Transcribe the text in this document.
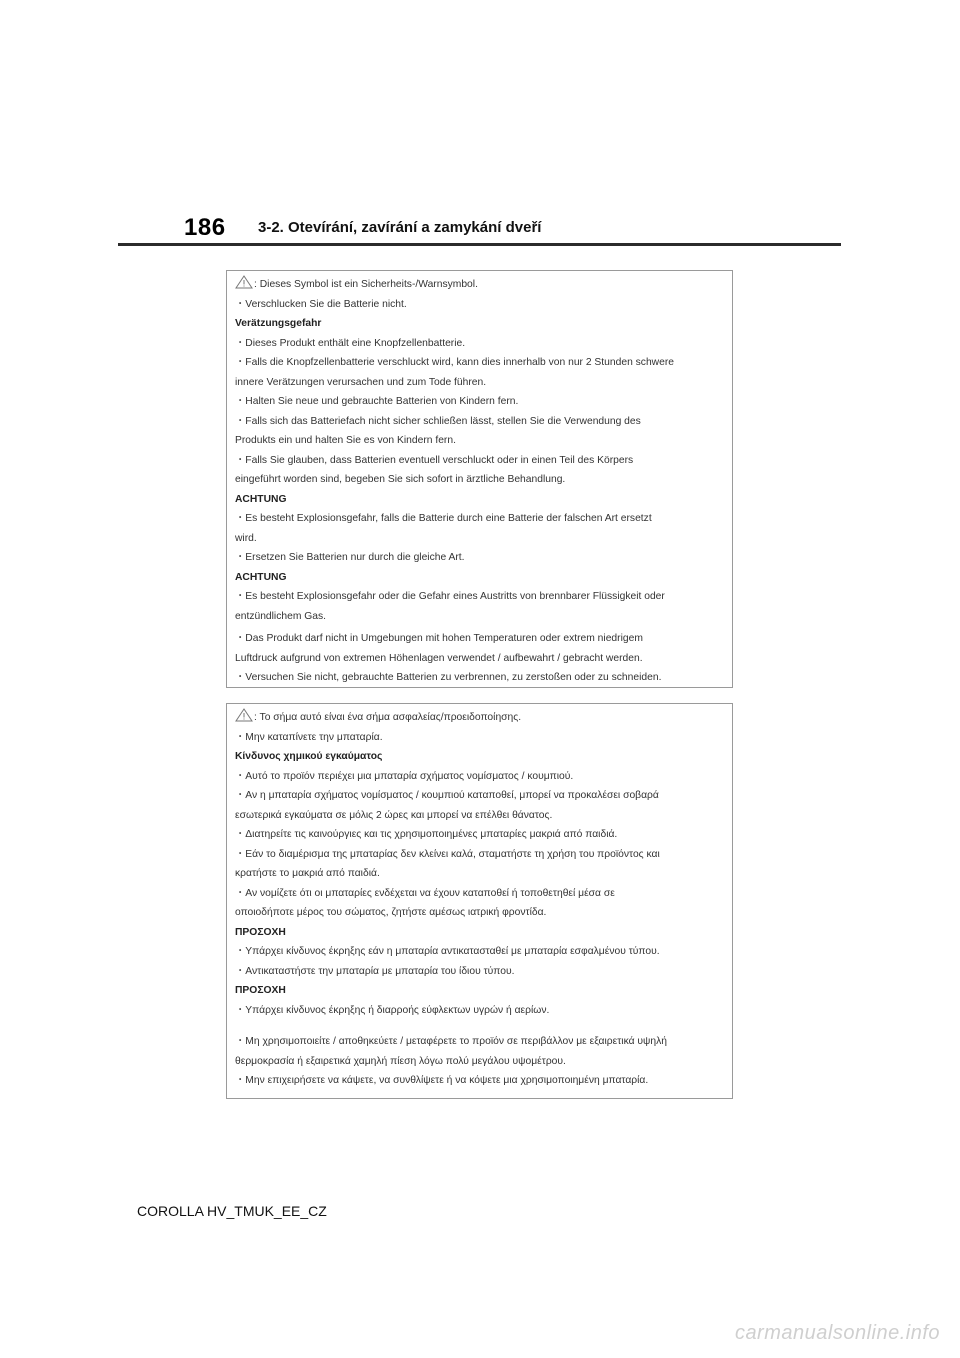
186 3-2. Otevírání, zavírání a zamykání dveří
: Dieses Symbol ist ein Sicherheits-/Warnsymbol.
・Verschlucken Sie die Batterie nicht.
Verätzungsgefahr
・Dieses Produkt enthält eine Knopfzellenbatterie.
・Falls die Knopfzellenbatterie verschluckt wird, kann dies innerhalb von nur 2 Stunden schwere
innere Verätzungen verursachen und zum Tode führen.
・Halten Sie neue und gebrauchte Batterien von Kindern fern.
・Falls sich das Batteriefach nicht sicher schließen lässt, stellen Sie die Verwendung des
Produkts ein und halten Sie es von Kindern fern.
・Falls Sie glauben, dass Batterien eventuell verschluckt oder in einen Teil des Körpers
eingeführt worden sind, begeben Sie sich sofort in ärztliche Behandlung.
ACHTUNG
・Es besteht Explosionsgefahr, falls die Batterie durch eine Batterie der falschen Art ersetzt
wird.
・Ersetzen Sie Batterien nur durch die gleiche Art.
ACHTUNG
・Es besteht Explosionsgefahr oder die Gefahr eines Austritts von brennbarer Flüssigkeit oder
entzündlichem Gas.
・Das Produkt darf nicht in Umgebungen mit hohen Temperaturen oder extrem niedrigem
Luftdruck aufgrund von extremen Höhenlagen verwendet / aufbewahrt / gebracht werden.
・Versuchen Sie nicht, gebrauchte Batterien zu verbrennen, zu zerstoßen oder zu schneiden.
: Το σήμα αυτό είναι ένα σήμα ασφαλείας/προειδοποίησης.
・Μην καταπίνετε την μπαταρία.
Κίνδυνος χημικού εγκαύματος
・Αυτό το προϊόν περιέχει μια μπαταρία σχήματος νομίσματος / κουμπιού.
・Αν η μπαταρία σχήματος νομίσματος / κουμπιού καταποθεί, μπορεί να προκαλέσει σοβαρά
εσωτερικά εγκαύματα σε μόλις 2 ώρες και μπορεί να επέλθει θάνατος.
・Διατηρείτε τις καινούργιες και τις χρησιμοποιημένες μπαταρίες μακριά από παιδιά.
・Εάν το διαμέρισμα της μπαταρίας δεν κλείνει καλά, σταματήστε τη χρήση του προϊόντος και
κρατήστε το μακριά από παιδιά.
・Αν νομίζετε ότι οι μπαταρίες ενδέχεται να έχουν καταποθεί ή τοποθετηθεί μέσα σε
οποιοδήποτε μέρος του σώματος, ζητήστε αμέσως ιατρική φροντίδα.
ΠΡΟΣΟΧΗ
・Υπάρχει κίνδυνος έκρηξης εάν η μπαταρία αντικατασταθεί με μπαταρία εσφαλμένου τύπου.
・Αντικαταστήστε την μπαταρία με μπαταρία του ίδιου τύπου.
ΠΡΟΣΟΧΗ
・Υπάρχει κίνδυνος έκρηξης ή διαρροής εύφλεκτων υγρών ή αερίων.
・Μη χρησιμοποιείτε / αποθηκεύετε / μεταφέρετε το προϊόν σε περιβάλλον με εξαιρετικά υψηλή
θερμοκρασία ή εξαιρετικά χαμηλή πίεση λόγω πολύ μεγάλου υψομέτρου.
・Μην επιχειρήσετε να κάψετε, να συνθλίψετε ή να κόψετε μια χρησιμοποιημένη μπαταρία.
COROLLA HV_TMUK_EE_CZ
carmanualsonline.info
